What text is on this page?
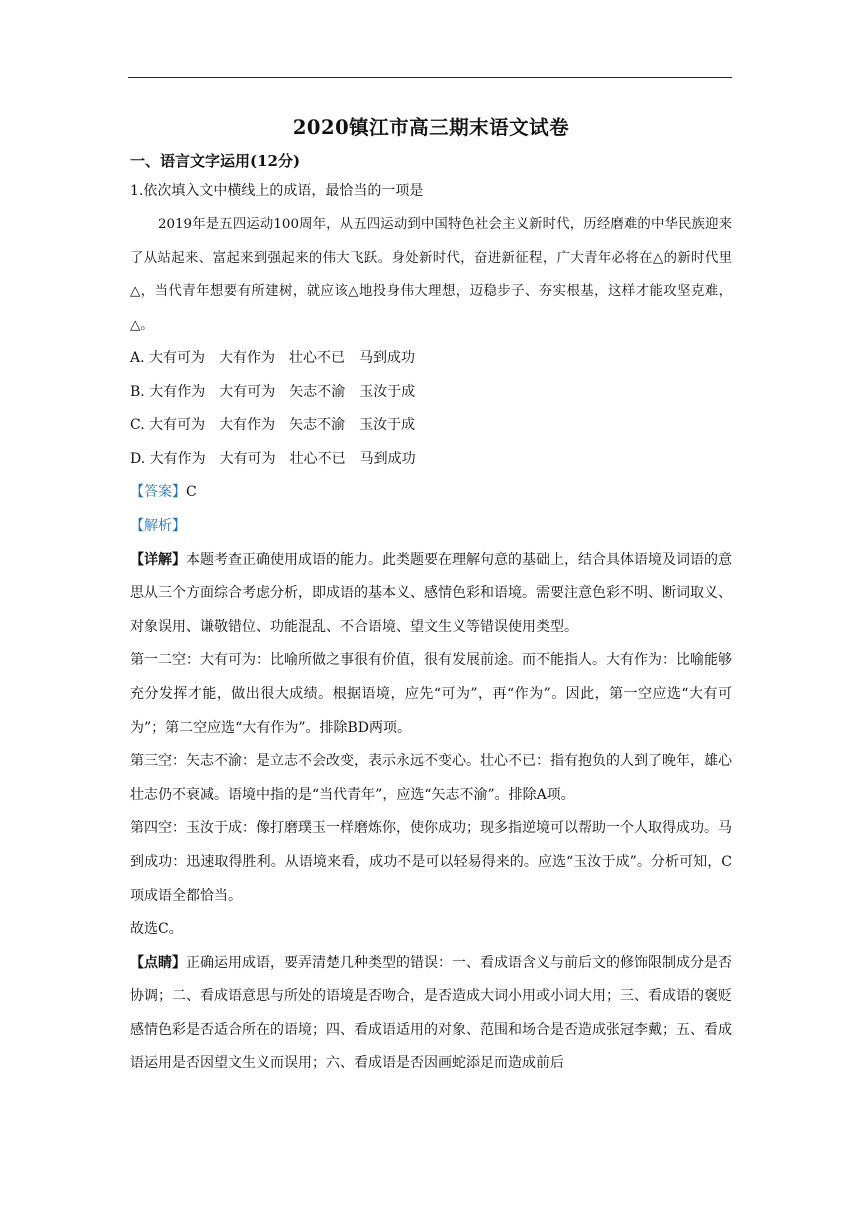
2020镇江市高三期末语文试卷
一、语言文字运用(12分)
1.依次填入文中横线上的成语，最恰当的一项是
2019年是五四运动100周年，从五四运动到中国特色社会主义新时代，历经磨难的中华民族迎来了从站起来、富起来到强起来的伟大飞跃。身处新时代，奋进新征程，广大青年必将在△的新时代里△，当代青年想要有所建树，就应该△地投身伟大理想，迈稳步子、夯实根基，这样才能攻坚克难，△。
A. 大有可为　大有作为　壮心不已　马到成功
B. 大有作为　大有可为　矢志不渝　玉汝于成
C. 大有可为　大有作为　矢志不渝　玉汝于成
D. 大有作为　大有可为　壮心不已　马到成功
【答案】C
【解析】
【详解】本题考查正确使用成语的能力。此类题要在理解句意的基础上，结合具体语境及词语的意思从三个方面综合考虑分析，即成语的基本义、感情色彩和语境。需要注意色彩不明、断词取义、对象误用、谦敬错位、功能混乱、不合语境、望文生义等错误使用类型。
第一二空：大有可为：比喻所做之事很有价值，很有发展前途。而不能指人。大有作为：比喻能够充分发挥才能，做出很大成绩。根据语境，应先“可为”，再“作为”。因此，第一空应选“大有可为”；第二空应选“大有作为”。排除BD两项。
第三空：矢志不渝：是立志不会改变，表示永远不变心。壮心不已：指有抱负的人到了晚年，雄心壮志仍不衰减。语境中指的是“当代青年”，应选“矢志不渝”。排除A项。
第四空：玉汝于成：像打磨璞玉一样磨炼你，使你成功；现多指逆境可以帮助一个人取得成功。马到成功：迅速取得胜利。从语境来看，成功不是可以轻易得来的。应选“玉汝于成”。分析可知，C项成语全都恰当。
故选C。
【点睛】正确运用成语，要弄清楚几种类型的错误：一、看成语含义与前后文的修饰限制成分是否协调；二、看成语意思与所处的语境是否吻合，是否造成大词小用或小词大用；三、看成语的褒贬感情色彩是否适合所在的语境；四、看成语适用的对象、范围和场合是否造成张冠李戴；五、看成语运用是否因望文生义而误用；六、看成语是否因画蛇添足而造成前后
